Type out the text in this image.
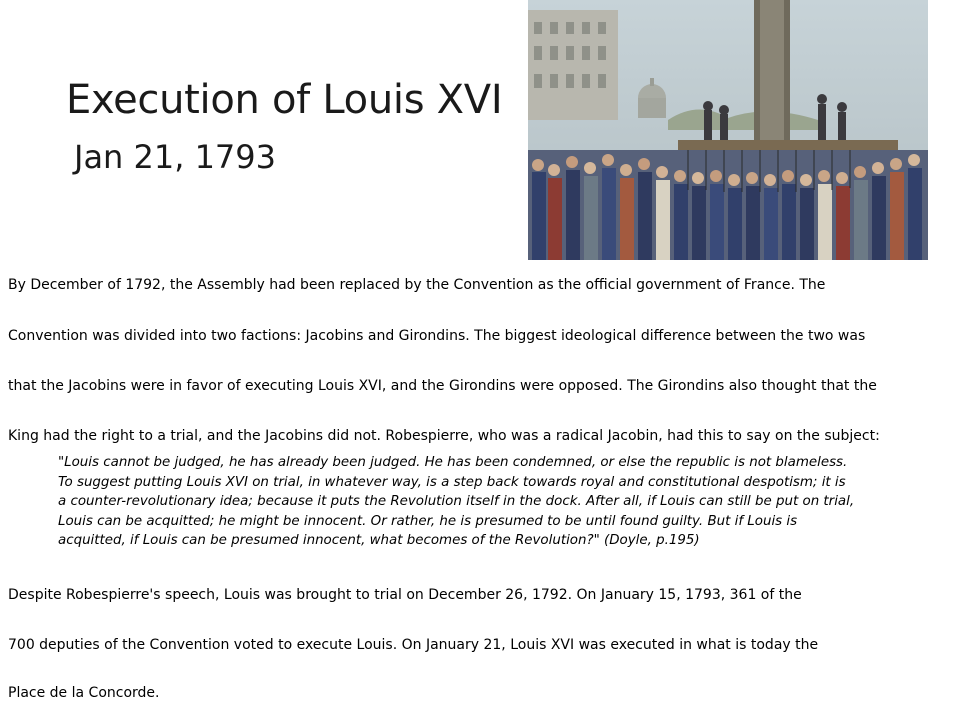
Execution of Louis XVI
Jan 21, 1793
By December of 1792, the Assembly had been replaced by the Convention as the official government of France. The
Convention was divided into two factions: Jacobins and Girondins. The biggest ideological difference between the two was
that the Jacobins were in favor of executing Louis XVI, and the Girondins were opposed. The Girondins also thought that the
King had the right to a trial, and the Jacobins did not. Robespierre, who was a radical Jacobin, had this to say on the subject:
"Louis cannot be judged, he has already been judged. He has been condemned, or else the republic is not blameless.
To suggest putting Louis XVI on trial, in whatever way, is a step back towards royal and constitutional despotism; it is
a counter-revolutionary idea; because it puts the Revolution itself in the dock. After all, if Louis can still be put on trial,
Louis can be acquitted; he might be innocent. Or rather, he is presumed to be until found guilty. But if Louis is
acquitted, if Louis can be presumed innocent, what becomes of the Revolution?" (Doyle, p.195)
Despite Robespierre's speech, Louis was brought to trial on December 26, 1792. On January 15, 1793, 361 of the
700 deputies of the Convention voted to execute Louis. On January 21, Louis XVI was executed in what is today the
Place de la Concorde.
